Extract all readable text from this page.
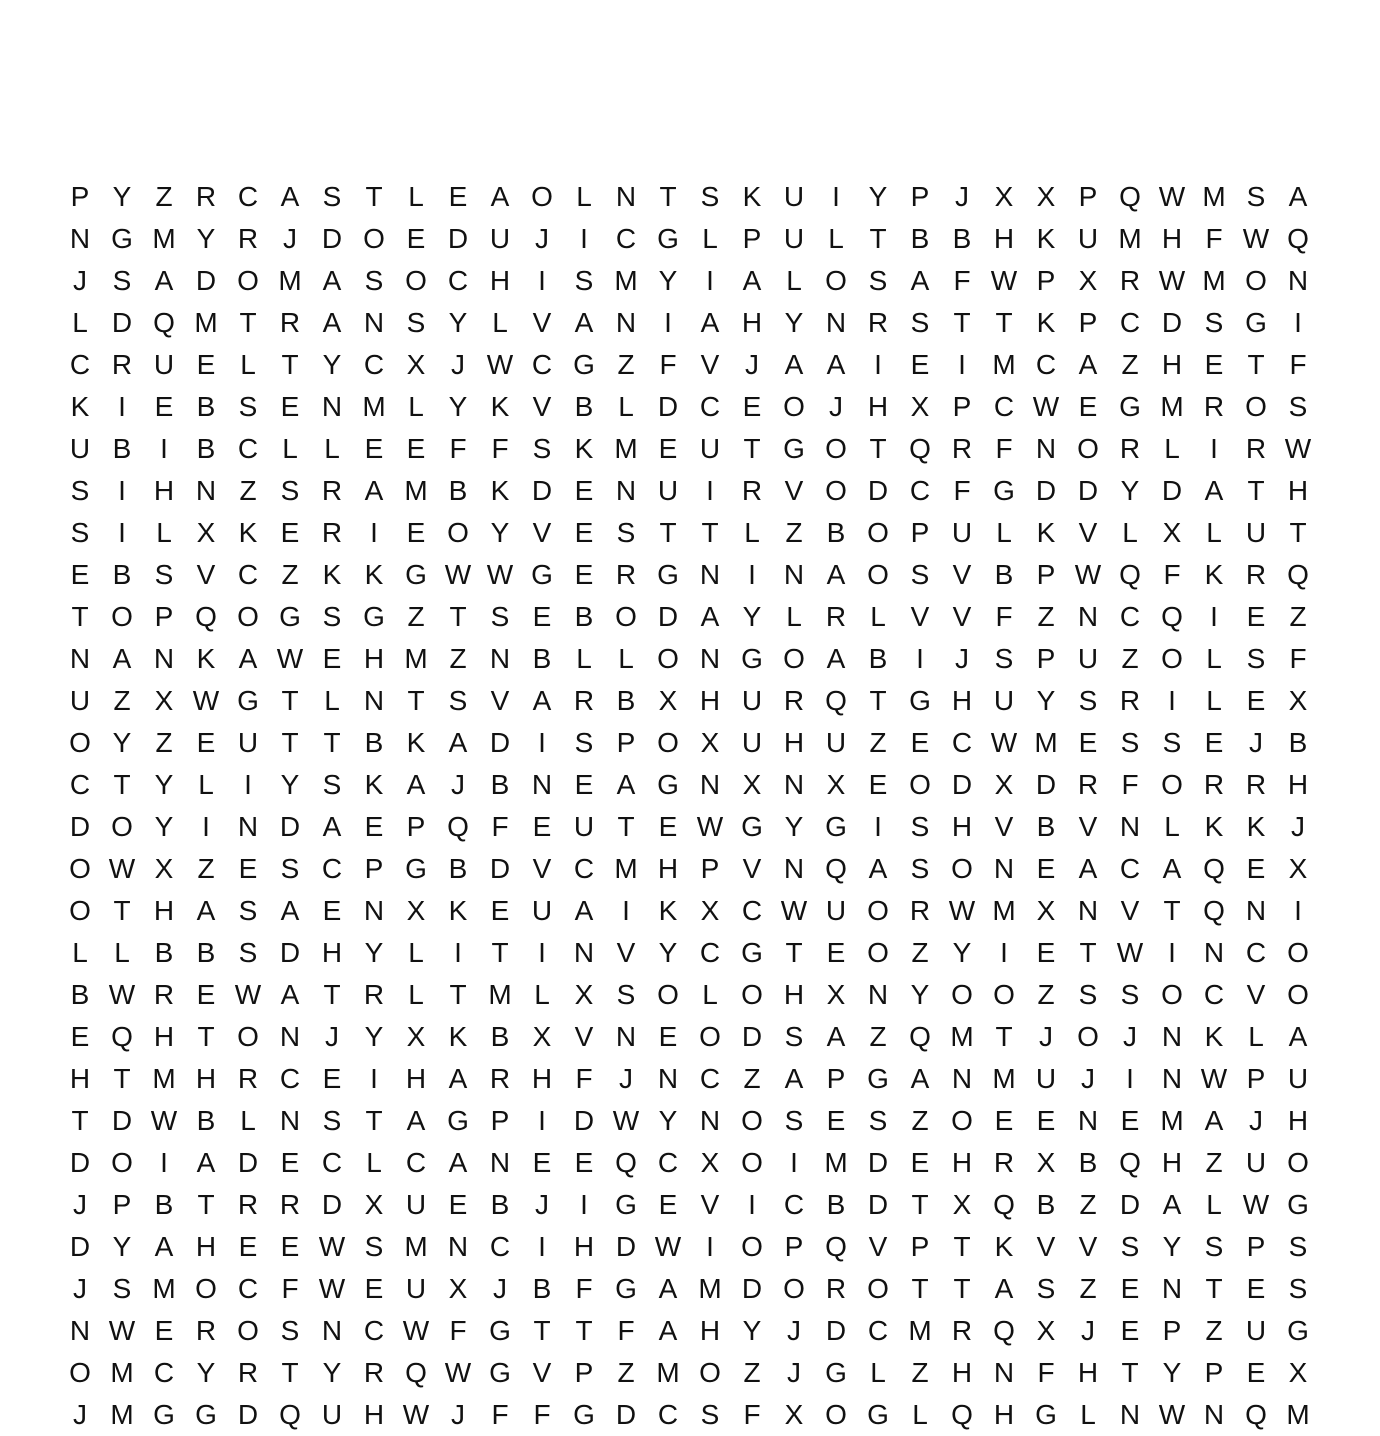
P Y Z R C A S T L E A O L N T S K U	I	Y P J X X P Q W M S A
N G M Y R J D O E D U J	I C G L P U L T B B H K U M H F W Q
J S A D O M A S O C H	I	S M Y	I	A L O S A F W P X R W M O N
L D Q M T R A N S Y L V A N	I	A H Y N R S T T K P C D S G I
C R U E L T Y C X J W C G Z F V J A A	I	E	I M C A Z H E T F
K	I	E B S E N M L Y K V B L D C E O J H X P C W E G M R O S
U B	I	B C L L E E F F S K M E U T G O T Q R F N O R L	I R W
S	I H N Z S R A M B K D E N U	I R V O D C F G D D Y D A T H
S	I	L X K E R	I	E O Y V E S T T L Z B O P U L K V L X L U T
E B S V C Z K K G W W G E R G N	I N A O S V B P W Q F K R Q
T O P Q O G S G Z T S E B O D A Y L R L V V F Z N C Q I	E Z
N A N K A W E H M Z N B L L O N G O A B	I	J S P U Z O L S F
U Z X W G T L N T S V A R B X H U R Q T G H U Y S R	I	L E X
O Y Z E U T T B K A D	I	S P O X U H U Z E C W M E S S E J B
C T Y L	I	Y S K A J B N E A G N X N X E O D X D R F O R R H
D O Y	I N D A E P Q F E U T E W G Y G I	S H V B V N L K K J
O W X Z E S C P G B D V C M H P V N Q A S O N E A C A Q E X
O T H A S A E N X K E U A	I	K X C W U O R W M X N V T Q N	I
L L B B S D H Y L	I	T	I N V Y C G T E O Z Y	I	E T W I N C O
B W R E W A T R L T M L X S O L O H X N Y O O Z S S O C V O
E Q H T O N J Y X K B X V N E O D S A Z Q M T J O J N K L A
H T M H R C E	I H A R H F J N C Z A P G A N M U J	I N W P U
T D W B L N S T A G P	I D W Y N O S E S Z O E E N E M A J H
D O I	A D E C L C A N E E Q C X O I M D E H R X B Q H Z U O
J P B T R R D X U E B J	I G E V	I C B D T X Q B Z D A L W G
D Y A H E E W S M N C	I H D W I O P Q V P T K V V S Y S P S
J S M O C F W E U X J B F G A M D O R O T T A S Z E N T E S
N W E R O S N C W F G T T F A H Y J D C M R Q X J E P Z U G
O M C Y R T Y R Q W G V P Z M O Z J G L Z H N F H T Y P E X
J M G G D Q U H W J F F G D C S F X O G L Q H G L N W N Q M
